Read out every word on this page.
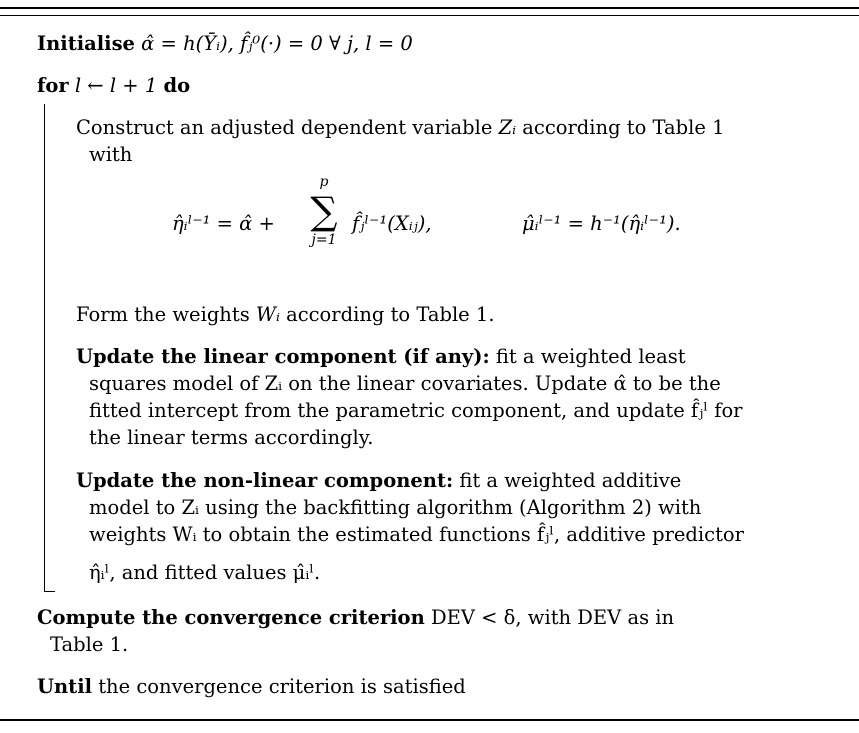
Initialise α̂ = h(Ȳᵢ), f̂ⱼ⁰(·) = 0 ∀ j, l = 0
for l ← l + 1 do
Construct an adjusted dependent variable Zᵢ according to Table 1
with
η̂ᵢˡ⁻¹ = α̂ +
p
∑
j=1
f̂ⱼˡ⁻¹(Xᵢⱼ),	μ̂ᵢˡ⁻¹ = h⁻¹(η̂ᵢˡ⁻¹).
Form the weights Wᵢ according to Table 1.
Update the linear component (if any): fit a weighted least
squares model of Zᵢ on the linear covariates. Update α̂ to be the
fitted intercept from the parametric component, and update f̂ⱼˡ for
the linear terms accordingly.
Update the non-linear component: fit a weighted additive
model to Zᵢ using the backfitting algorithm (Algorithm 2) with
weights Wᵢ to obtain the estimated functions f̂ⱼˡ, additive predictor
η̂ᵢˡ, and fitted values μ̂ᵢˡ.
Compute the convergence criterion DEV < δ, with DEV as in
Table 1.
Until the convergence criterion is satisfied
